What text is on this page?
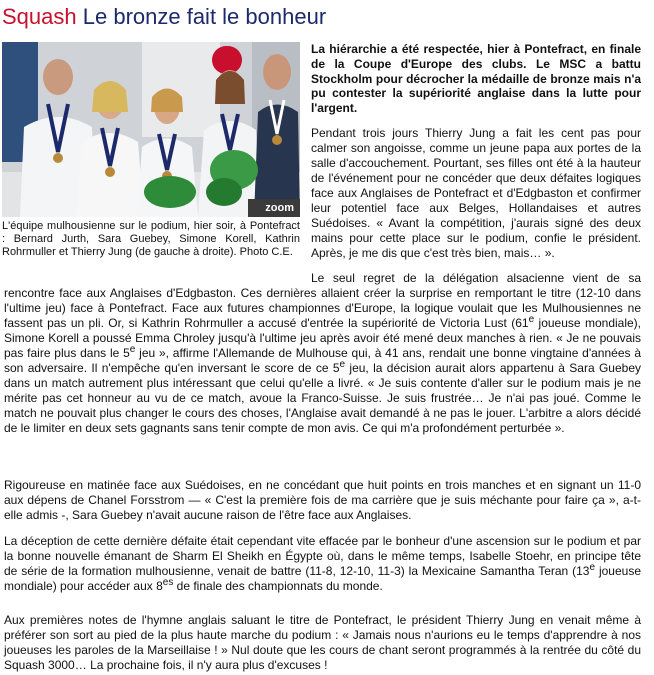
Squash Le bronze fait le bonheur
zoom
L'équipe mulhousienne sur le podium, hier soir, à Pontefract : Bernard Jurth, Sara Guebey, Simone Korell, Kathrin Rohrmuller et Thierry Jung (de gauche à droite). Photo C.E.
La hiérarchie a été respectée, hier à Pontefract, en finale de la Coupe d'Europe des clubs. Le MSC a battu Stockholm pour décrocher la médaille de bronze mais n'a pu contester la supériorité anglaise dans la lutte pour l'argent.
Pendant trois jours Thierry Jung a fait les cent pas pour calmer son angoisse, comme un jeune papa aux portes de la salle d'accouchement. Pourtant, ses filles ont été à la hauteur de l'événement pour ne concéder que deux défaites logiques face aux Anglaises de Pontefract et d'Edgbaston et confirmer leur potentiel face aux Belges, Hollandaises et autres Suédoises. « Avant la compétition, j'aurais signé des deux mains pour cette place sur le podium, confie le président. Après, je me dis que c'est très bien, mais… ».
Le seul regret de la délégation alsacienne vient de sa rencontre face aux Anglaises d'Edgbaston. Ces dernières allaient créer la surprise en remportant le titre (12-10 dans l'ultime jeu) face à Pontefract. Face aux futures championnes d'Europe, la logique voulait que les Mulhousiennes ne fassent pas un pli. Or, si Kathrin Rohrmuller a accusé d'entrée la supériorité de Victoria Lust (61e joueuse mondiale), Simone Korell a poussé Emma Chroley jusqu'à l'ultime jeu après avoir été mené deux manches à rien. « Je ne pouvais pas faire plus dans le 5e jeu », affirme l'Allemande de Mulhouse qui, à 41 ans, rendait une bonne vingtaine d'années à son adversaire. Il n'empêche qu'en inversant le score de ce 5e jeu, la décision aurait alors appartenu à Sara Guebey dans un match autrement plus intéressant que celui qu'elle a livré. « Je suis contente d'aller sur le podium mais je ne mérite pas cet honneur au vu de ce match, avoue la Franco-Suisse. Je suis frustrée… Je n'ai pas joué. Comme le match ne pouvait plus changer le cours des choses, l'Anglaise avait demandé à ne pas le jouer. L'arbitre a alors décidé de le limiter en deux sets gagnants sans tenir compte de mon avis. Ce qui m'a profondément perturbée ».
Rigoureuse en matinée face aux Suédoises, en ne concédant que huit points en trois manches et en signant un 11-0 aux dépens de Chanel Forsstrom — « C'est la première fois de ma carrière que je suis méchante pour faire ça », a-t-elle admis -, Sara Guebey n'avait aucune raison de l'être face aux Anglaises.
La déception de cette dernière défaite était cependant vite effacée par le bonheur d'une ascension sur le podium et par la bonne nouvelle émanant de Sharm El Sheikh en Égypte où, dans le même temps, Isabelle Stoehr, en principe tête de série de la formation mulhousienne, venait de battre (11-8, 12-10, 11-3) la Mexicaine Samantha Teran (13e joueuse mondiale) pour accéder aux $8^{es}$ de finale des championnats du monde.
Aux premières notes de l'hymne anglais saluant le titre de Pontefract, le président Thierry Jung en venait même à préférer son sort au pied de la plus haute marche du podium : « Jamais nous n'aurions eu le temps d'apprendre à nos joueuses les paroles de la Marseillaise ! » Nul doute que les cours de chant seront programmés à la rentrée du côté du Squash 3000… La prochaine fois, il n'y aura plus d'excuses !
